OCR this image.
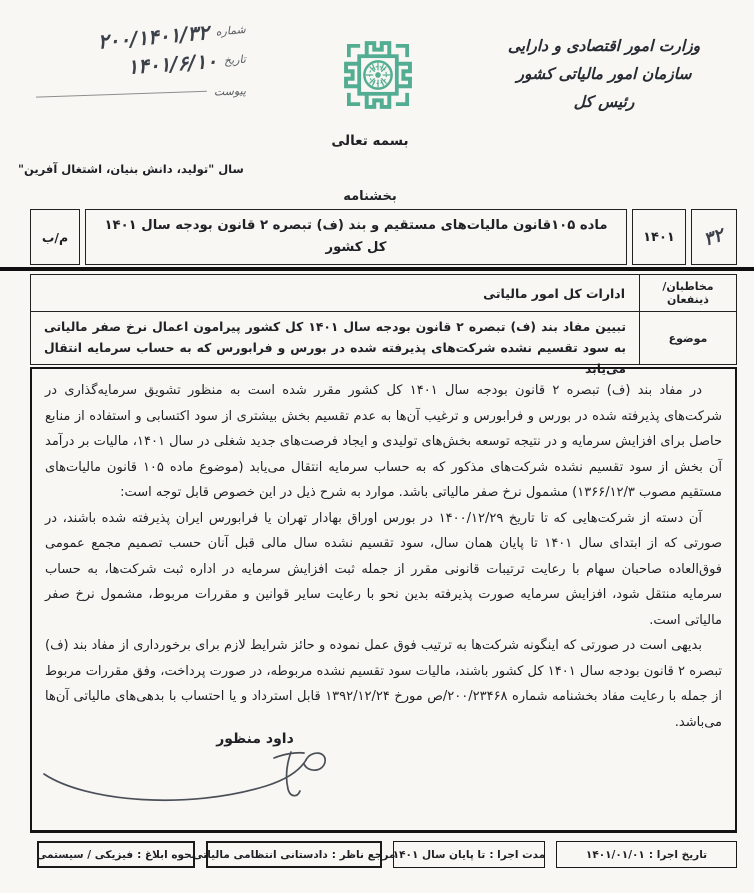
شماره
۲۰۰/۱۴۰۱/۳۲
تاریخ
۱۴۰۱/۶/۱۰
پیوست
وزارت امور اقتصادی و دارایی
سازمان امور مالیاتی کشور
رئیس کل
بسمه تعالی
سال "تولید، دانش بنیان، اشتغال آفرین"
بخشنامه
۳۲
۱۴۰۱
ماده ۱۰۵قانون مالیات‌های مستقیم و بند (ف) تبصره ۲ قانون بودجه سال ۱۴۰۱ کل کشور
م/ب
مخاطبان/ذینفعان
ادارات کل امور مالیاتی
موضوع
تبیین مفاد بند (ف) تبصره ۲ قانون بودجه سال ۱۴۰۱ کل کشور پیرامون اعمال نرخ صفر مالیاتی به سود تقسیم نشده شرکت‌های پذیرفته شده در بورس و فرابورس که به حساب سرمایه انتقال می‌یابد

در مفاد بند (ف) تبصره ۲ قانون بودجه سال ۱۴۰۱ کل کشور مقرر شده است به منظور تشویق سرمایه‌گذاری در شرکت‌های پذیرفته شده در بورس و فرابورس و ترغیب آن‌ها به عدم تقسیم بخش بیشتری از سود اکتسابی و استفاده از منابع حاصل برای افزایش سرمایه و در نتیجه توسعه بخش‌های تولیدی و ایجاد فرصت‌های جدید شغلی در سال ۱۴۰۱، مالیات بر درآمد آن بخش از سود تقسیم نشده شرکت‌های مذکور که به حساب سرمایه انتقال می‌یابد (موضوع ماده ۱۰۵ قانون مالیات‌های مستقیم مصوب ۱۳۶۶/۱۲/۳) مشمول نرخ صفر مالیاتی باشد. موارد به شرح ذیل در این خصوص قابل توجه است:

آن دسته از شرکت‌هایی که تا تاریخ ۱۴۰۰/۱۲/۲۹ در بورس اوراق بهادار تهران یا فرابورس ایران پذیرفته شده باشند، در صورتی که از ابتدای سال ۱۴۰۱ تا پایان همان سال، سود تقسیم نشده سال مالی قبل آنان حسب تصمیم مجمع عمومی فوق‌العاده صاحبان سهام با رعایت ترتیبات قانونی مقرر از جمله ثبت افزایش سرمایه در اداره ثبت شرکت‌ها، به حساب سرمایه منتقل شود، افزایش سرمایه صورت پذیرفته بدین نحو با رعایت سایر قوانین و مقررات مربوط، مشمول نرخ صفر مالیاتی است.

بدیهی است در صورتی که اینگونه شرکت‌ها به ترتیب فوق عمل نموده و حائز شرایط لازم برای برخورداری از مفاد بند (ف) تبصره ۲ قانون بودجه سال ۱۴۰۱ کل کشور باشند، مالیات سود تقسیم نشده مربوطه، در صورت پرداخت، وفق مقررات مربوط از جمله با رعایت مفاد بخشنامه شماره ۲۰۰/۲۳۴۶۸/ص مورخ ۱۳۹۲/۱۲/۲۴ قابل استرداد و یا احتساب با بدهی‌های مالیاتی آن‌ها می‌باشد.

داود منظور
تاریخ اجرا :
۱۴۰۱/۰۱/۰۱
مدت اجرا :
تا پایان سال ۱۴۰۱
مرجع ناظر :
دادستانی انتظامی مالیاتی
نحوه ابلاغ :
فیزیکی / سیستمی
